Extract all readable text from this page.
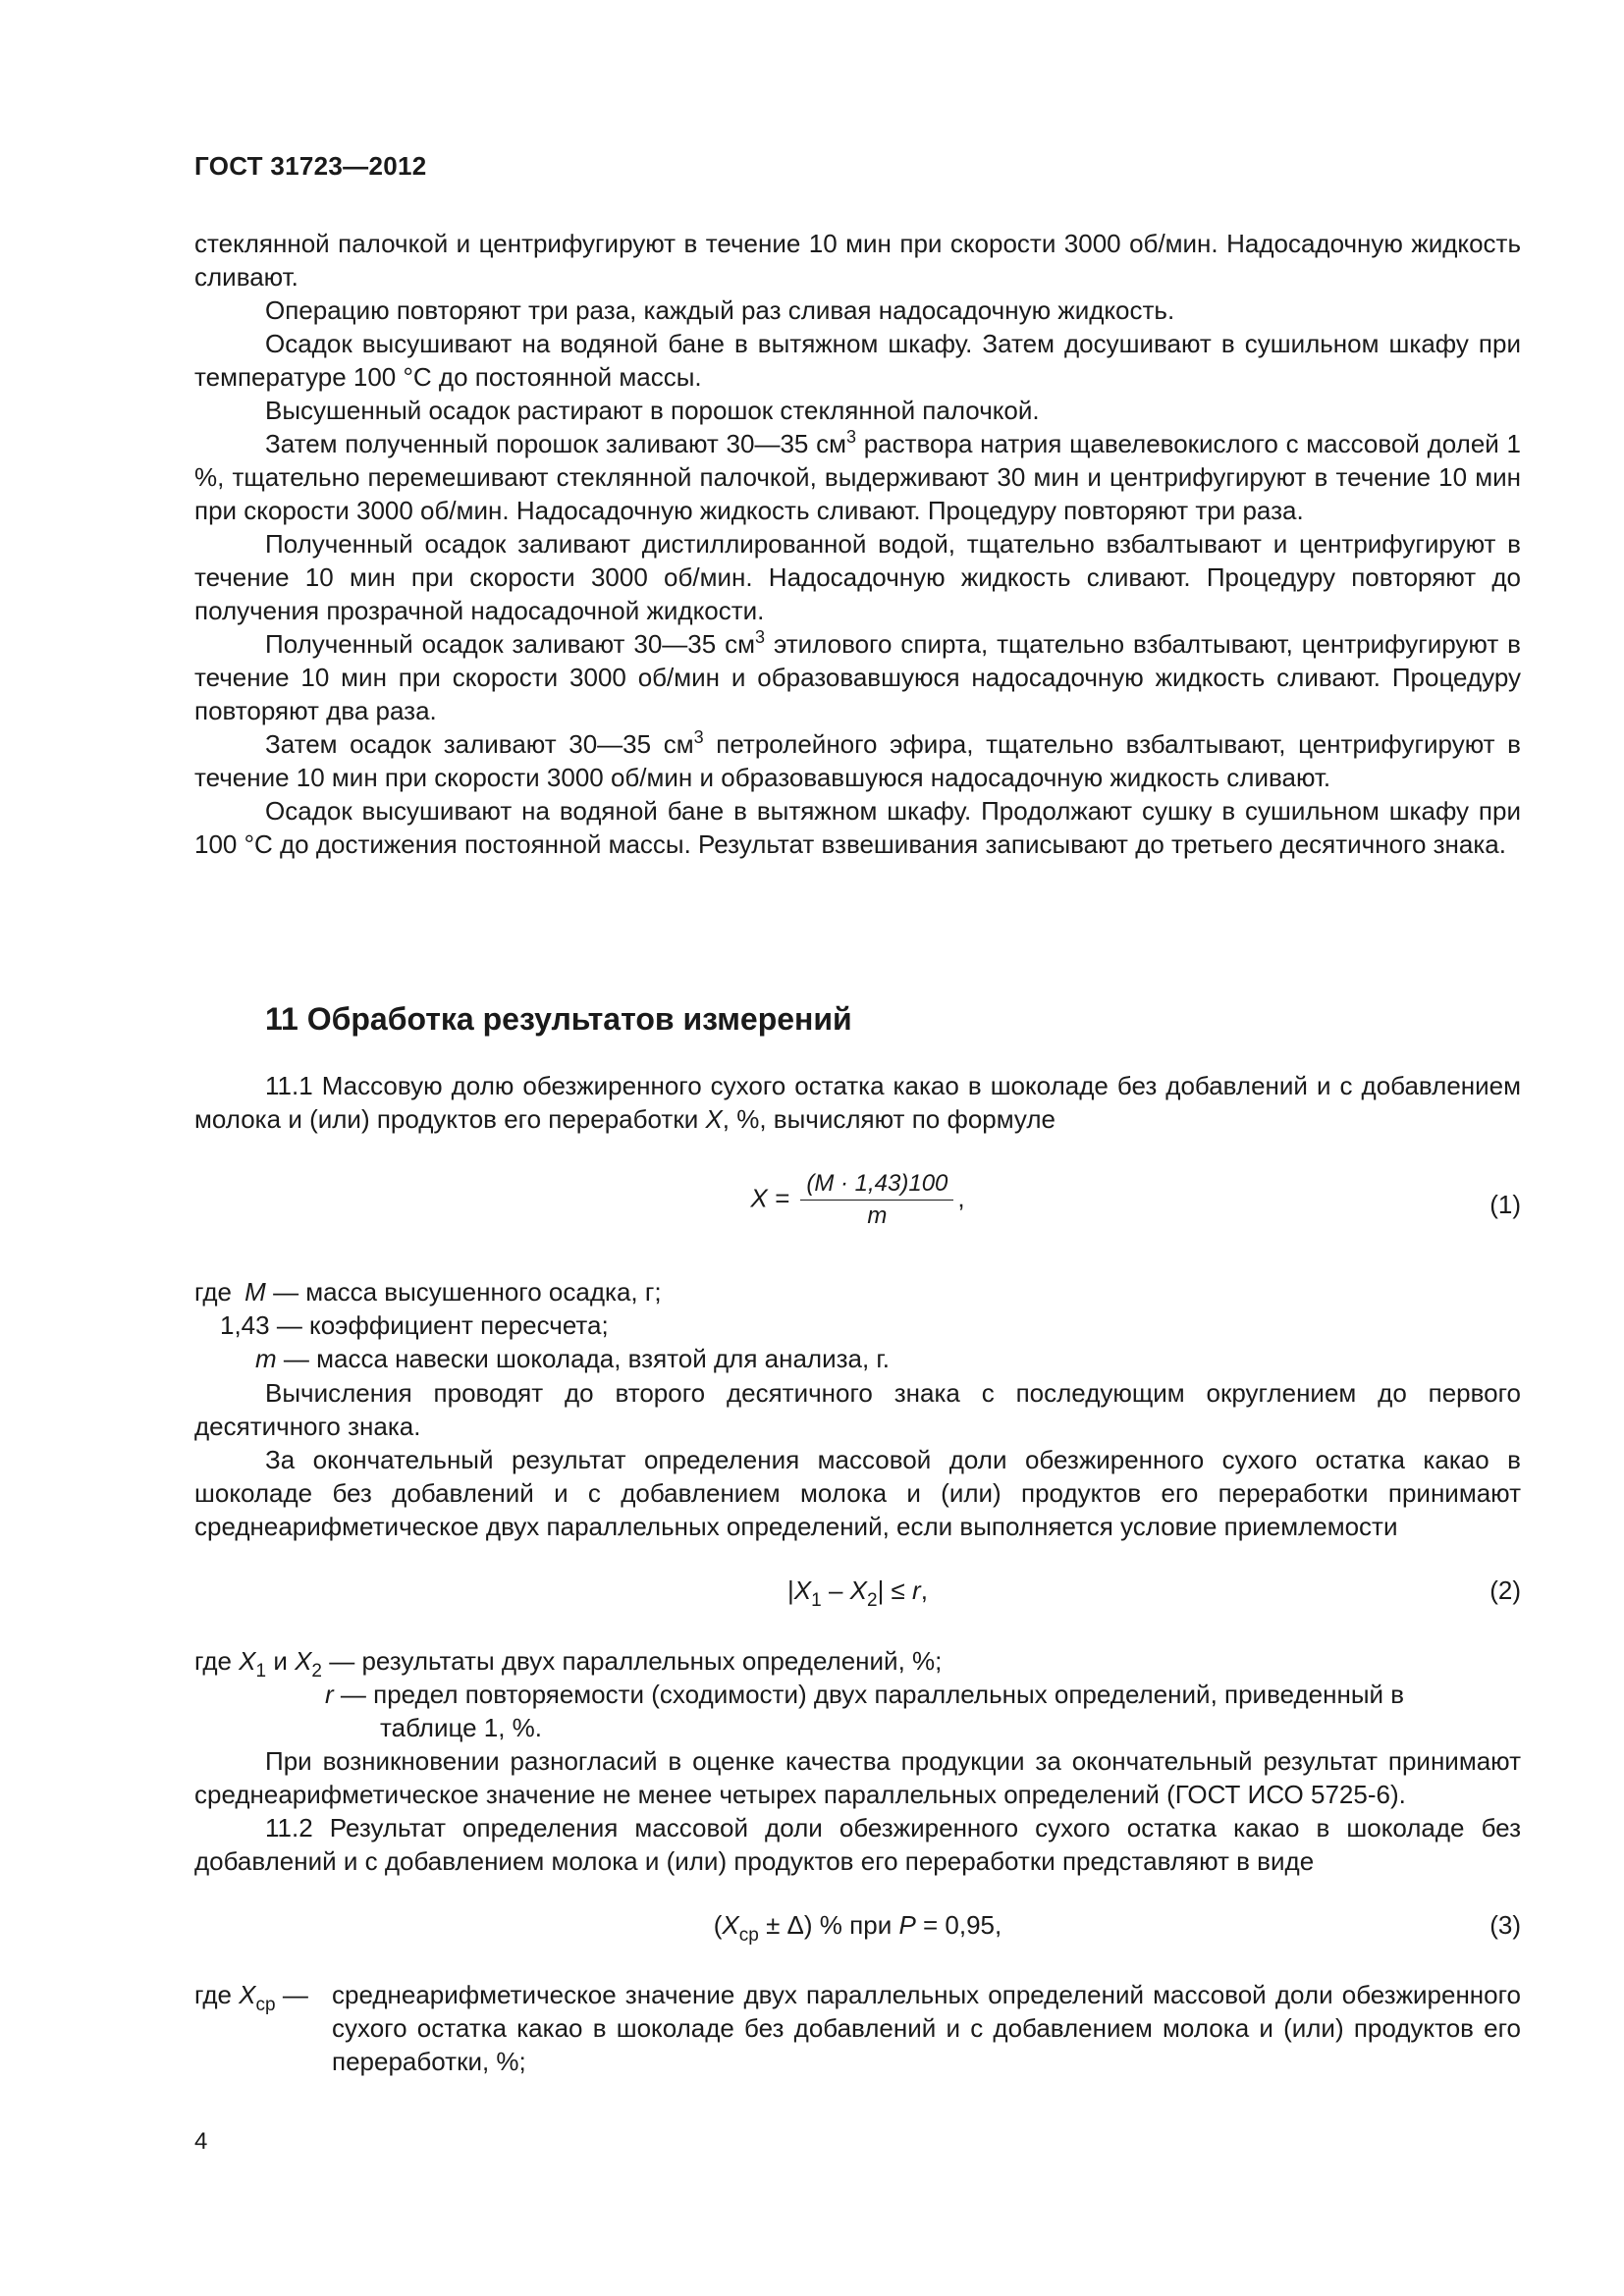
ГОСТ 31723—2012

стеклянной палочкой и центрифугируют в течение 10 мин при скорости 3000 об/мин. Надосадочную жидкость сливают.

Операцию повторяют три раза, каждый раз сливая надосадочную жидкость.

Осадок высушивают на водяной бане в вытяжном шкафу. Затем досушивают в сушильном шкафу при температуре 100 °С до постоянной массы.

Высушенный осадок растирают в порошок стеклянной палочкой.

Затем полученный порошок заливают 30—35 $см^3$ раствора натрия щавелевокислого с массовой долей 1 %, тщательно перемешивают стеклянной палочкой, выдерживают 30 мин и центрифугируют в течение 10 мин при скорости 3000 об/мин. Надосадочную жидкость сливают. Процедуру повторяют три раза.

Полученный осадок заливают дистиллированной водой, тщательно взбалтывают и центрифугируют в течение 10 мин при скорости 3000 об/мин. Надосадочную жидкость сливают. Процедуру повторяют до получения прозрачной надосадочной жидкости.

Полученный осадок заливают 30—35 $см^3$ этилового спирта, тщательно взбалтывают, центрифугируют в течение 10 мин при скорости 3000 об/мин и образовавшуюся надосадочную жидкость сливают. Процедуру повторяют два раза.

Затем осадок заливают 30—35 $см^3$ петролейного эфира, тщательно взбалтывают, центрифугируют в течение 10 мин при скорости 3000 об/мин и образовавшуюся надосадочную жидкость сливают.

Осадок высушивают на водяной бане в вытяжном шкафу. Продолжают сушку в сушильном шкафу при 100 °С до достижения постоянной массы. Результат взвешивания записывают до третьего десятичного знака.

11 Обработка результатов измерений

11.1 Массовую долю обезжиренного сухого остатка какао в шоколаде без добавлений и с добавлением молока и (или) продуктов его переработки X, %, вычисляют по формуле

$X = \frac{(M \cdot 1,43)100}{m}$ ,	(1)
где M — масса высушенного осадка, г;
1,43 — коэффициент пересчета;
m — масса навески шоколада, взятой для анализа, г.

Вычисления проводят до второго десятичного знака с последующим округлением до первого десятичного знака.

За окончательный результат определения массовой доли обезжиренного сухого остатка какао в шоколаде без добавлений и с добавлением молока и (или) продуктов его переработки принимают среднеарифметическое двух параллельных определений, если выполняется условие приемлемости

$|X_1 - X_2| \le r$,	(2)
где $X_1$ и $X_2$ — результаты двух параллельных определений, %;
r — предел повторяемости (сходимости) двух параллельных определений, приведенный в
таблице 1, %.

При возникновении разногласий в оценке качества продукции за окончательный результат принимают среднеарифметическое значение не менее четырех параллельных определений (ГОСТ ИСО 5725-6).

11.2 Результат определения массовой доли обезжиренного сухого остатка какао в шоколаде без добавлений и с добавлением молока и (или) продуктов его переработки представляют в виде

$(X_{ср} \pm \Delta)$ % при P = 0,95,	(3)
где $X_{ср}$ — среднеарифметическое значение двух параллельных определений массовой доли обезжиренного сухого остатка какао в шоколаде без добавлений и с добавлением молока и (или) продуктов его переработки, %;
4
